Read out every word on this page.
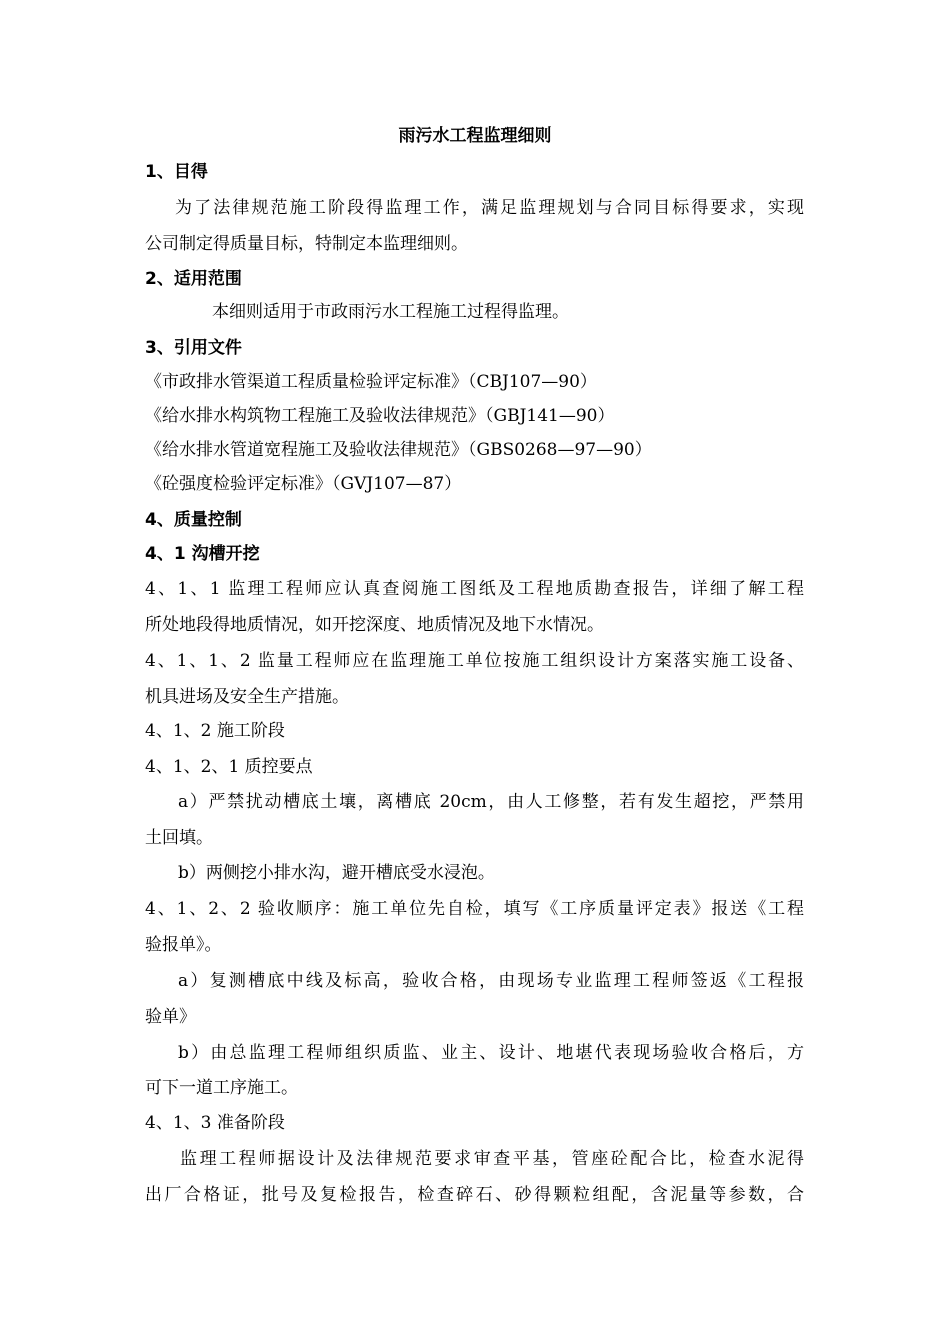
雨污水工程监理细则
1、目得
为了法律规范施工阶段得监理工作，满足监理规划与合同目标得要求，实现
公司制定得质量目标，特制定本监理细则。
2、适用范围
本细则适用于市政雨污水工程施工过程得监理。
3、引用文件
《市政排水管渠道工程质量检验评定标准》（CBJ107—90）
《给水排水构筑物工程施工及验收法律规范》（GBJ141—90）
《给水排水管道宽程施工及验收法律规范》（GBS0268—97—90）
《砼强度检验评定标准》（GVJ107—87）
4、质量控制
4、1 沟槽开挖
4、1、1 监理工程师应认真查阅施工图纸及工程地质勘查报告，详细了解工程
所处地段得地质情况，如开挖深度、地质情况及地下水情况。
4、1、1、2 监量工程师应在监理施工单位按施工组织设计方案落实施工设备、
机具进场及安全生产措施。
4、1、2 施工阶段
4、1、2、1 质控要点
a）严禁扰动槽底土壤，离槽底 20cm，由人工修整，若有发生超挖，严禁用
土回填。
b）两侧挖小排水沟，避开槽底受水浸泡。
4、1、2、2 验收顺序：施工单位先自检，填写《工序质量评定表》报送《工程
验报单》。
a）复测槽底中线及标高，验收合格，由现场专业监理工程师签返《工程报
验单》
b）由总监理工程师组织质监、业主、设计、地堪代表现场验收合格后，方
可下一道工序施工。
4、1、3 准备阶段
监理工程师据设计及法律规范要求审查平基，管座砼配合比，检查水泥得
出厂合格证，批号及复检报告，检查碎石、砂得颗粒组配，含泥量等参数，合
